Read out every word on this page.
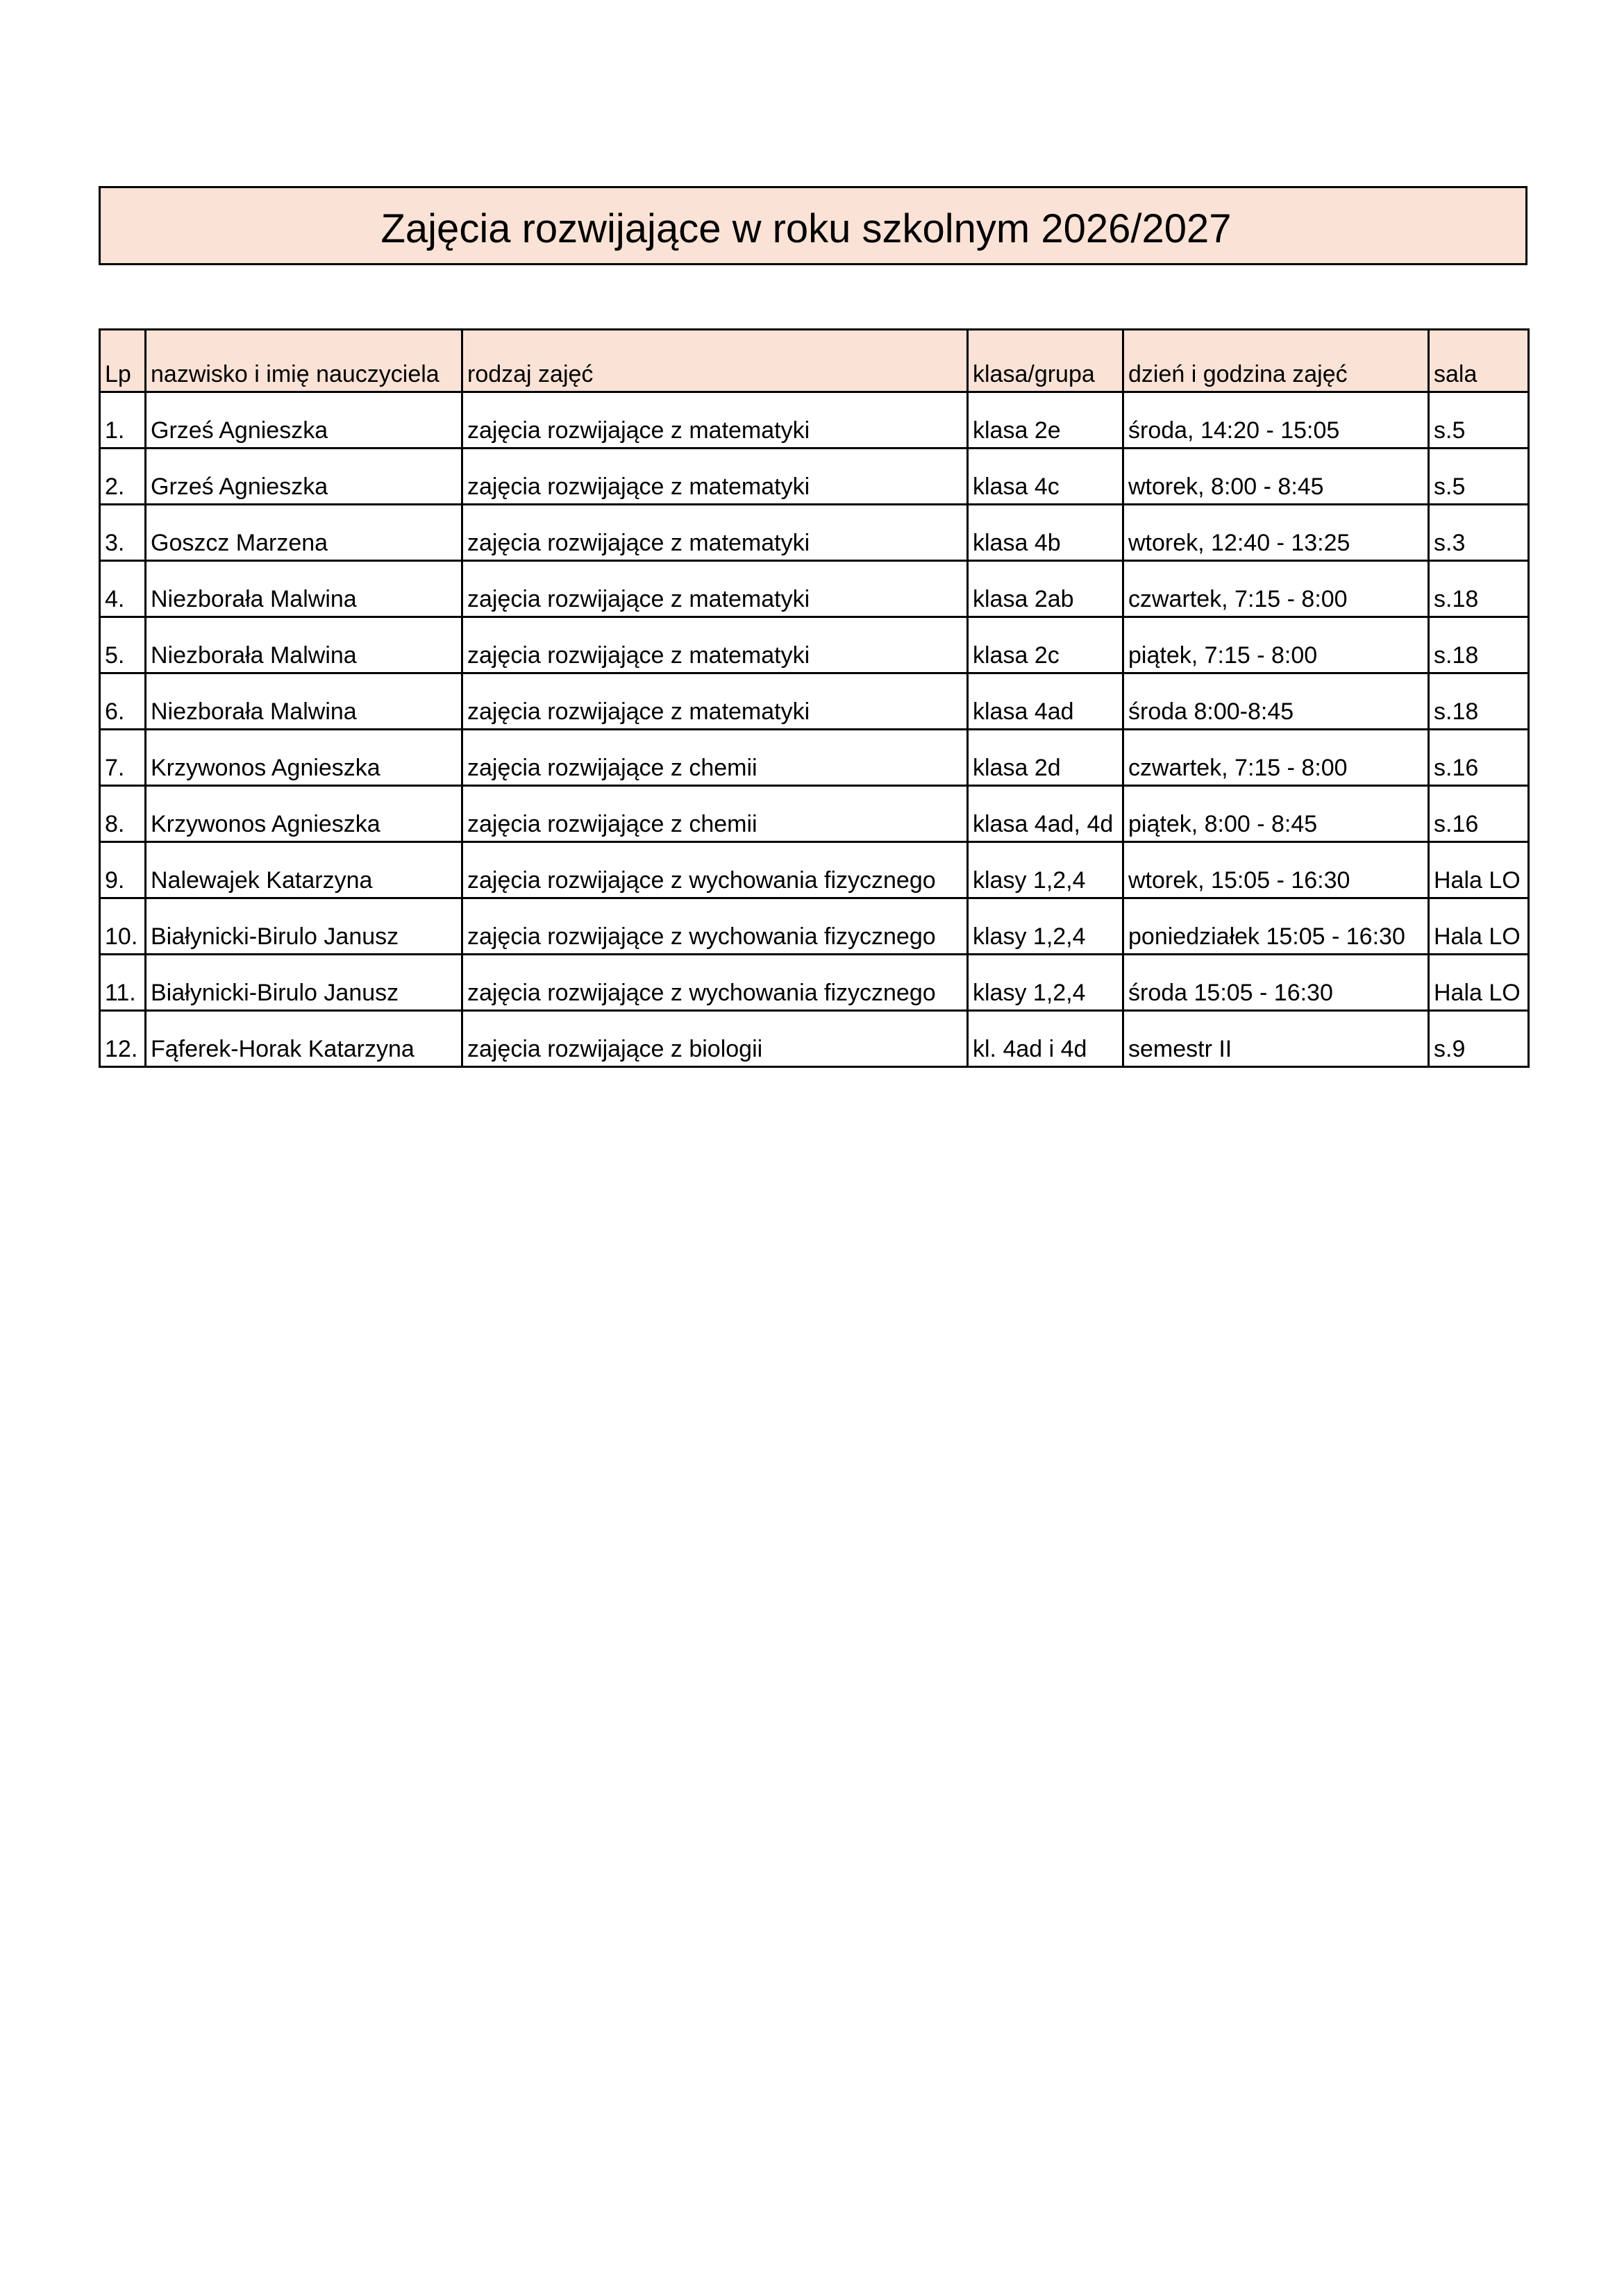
Zajęcia rozwijające w roku szkolnym 2026/2027
Lp	nazwisko i imię nauczyciela	rodzaj zajęć	klasa/grupa	dzień i godzina zajęć	sala
1.	Grześ Agnieszka	zajęcia rozwijające z matematyki	klasa 2e	środa, 14:20 - 15:05	s.5
2.	Grześ Agnieszka	zajęcia rozwijające z matematyki	klasa 4c	wtorek, 8:00 - 8:45	s.5
3.	Goszcz Marzena	zajęcia rozwijające z matematyki	klasa 4b	wtorek, 12:40 - 13:25	s.3
4.	Niezborała Malwina	zajęcia rozwijające z matematyki	klasa 2ab	czwartek, 7:15 - 8:00	s.18
5.	Niezborała Malwina	zajęcia rozwijające z matematyki	klasa 2c	piątek, 7:15 - 8:00	s.18
6.	Niezborała Malwina	zajęcia rozwijające z matematyki	klasa 4ad	środa 8:00-8:45	s.18
7.	Krzywonos Agnieszka	zajęcia rozwijające z chemii	klasa 2d	czwartek, 7:15 - 8:00	s.16
8.	Krzywonos Agnieszka	zajęcia rozwijające z chemii	klasa 4ad, 4d	piątek, 8:00 - 8:45	s.16
9.	Nalewajek Katarzyna	zajęcia rozwijające z wychowania fizycznego	klasy 1,2,4	wtorek, 15:05 - 16:30	Hala LO
10.	Białynicki-Birulo Janusz	zajęcia rozwijające z wychowania fizycznego	klasy 1,2,4	poniedziałek 15:05 - 16:30	Hala LO
11.	Białynicki-Birulo Janusz	zajęcia rozwijające z wychowania fizycznego	klasy 1,2,4	środa 15:05 - 16:30	Hala LO
12.	Fąferek-Horak Katarzyna	zajęcia rozwijające z biologii	kl. 4ad i 4d	semestr II	s.9
